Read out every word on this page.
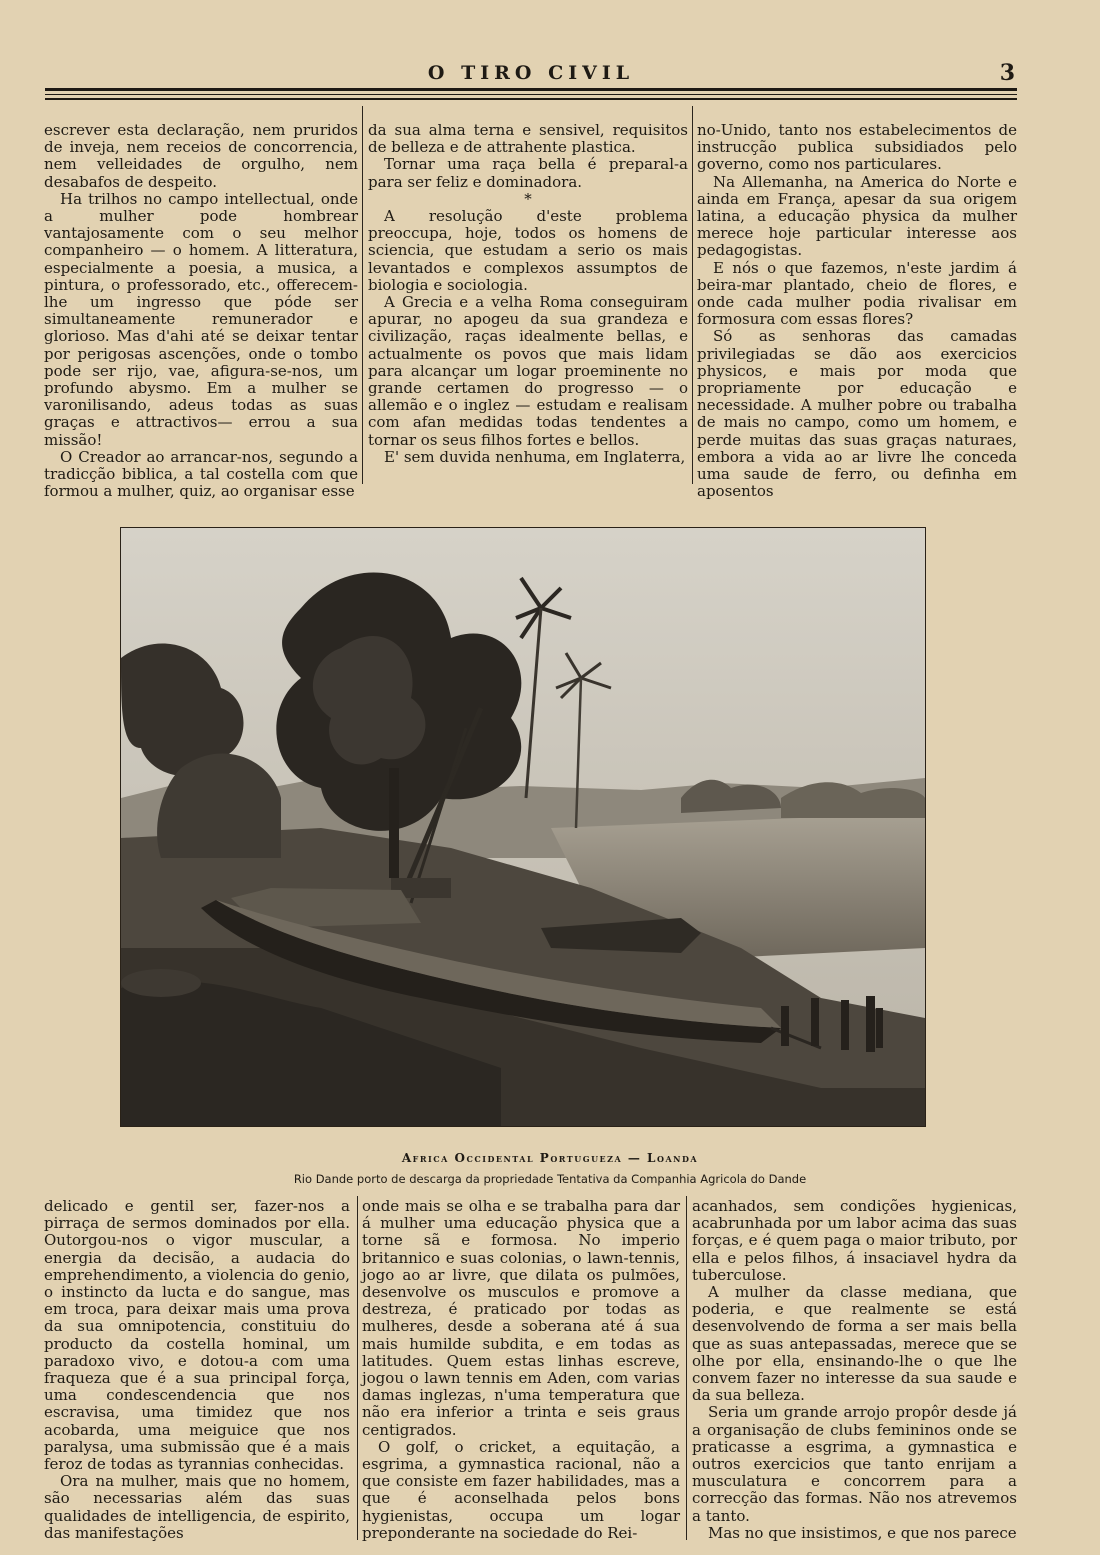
O TIRO CIVIL	3

escrever esta declaração, nem pruridos de inveja, nem receios de concorrencia, nem velleidades de orgulho, nem desabafos de despeito.

Ha trilhos no campo intellectual, onde a mulher pode hombrear vantajosamente com o seu melhor companheiro — o homem. A litteratura, especialmente a poesia, a musica, a pintura, o professorado, etc., offerecem-lhe um ingresso que póde ser simultaneamente remunerador e glorioso. Mas d'ahi até se deixar tentar por perigosas ascenções, onde o tombo pode ser rijo, vae, afigura-se-nos, um profundo abysmo. Em a mulher se varonilisando, adeus todas as suas graças e attractivos— errou a sua missão!

O Creador ao arrancar-nos, segundo a tradicção biblica, a tal costella com que formou a mulher, quiz, ao organisar esse

da sua alma terna e sensivel, requisitos de belleza e de attrahente plastica.

Tornar uma raça bella é preparal-a para ser feliz e dominadora.

*

A resolução d'este problema preoccupa, hoje, todos os homens de sciencia, que estudam a serio os mais levantados e complexos assumptos de biologia e sociologia.

A Grecia e a velha Roma conseguiram apurar, no apogeu da sua grandeza e civilização, raças idealmente bellas, e actualmente os povos que mais lidam para alcançar um logar proeminente no grande certamen do progresso — o allemão e o inglez — estudam e realisam com afan medidas todas tendentes a tornar os seus filhos fortes e bellos.

E' sem duvida nenhuma, em Inglaterra,

no-Unido, tanto nos estabelecimentos de instrucção publica subsidiados pelo governo, como nos particulares.

Na Allemanha, na America do Norte e ainda em França, apesar da sua origem latina, a educação physica da mulher merece hoje particular interesse aos pedagogistas.

E nós o que fazemos, n'este jardim á beira-mar plantado, cheio de flores, e onde cada mulher podia rivalisar em formosura com essas flores?

Só as senhoras das camadas privilegiadas se dão aos exercicios physicos, e mais por moda que propriamente por educação e necessidade. A mulher pobre ou trabalha de mais no campo, como um homem, e perde muitas das suas graças naturaes, embora a vida ao ar livre lhe conceda uma saude de ferro, ou definha em aposentos

Africa Occidental Portugueza — Loanda
Rio Dande porto de descarga da propriedade Tentativa da Companhia Agricola do Dande

delicado e gentil ser, fazer-nos a pirraça de sermos dominados por ella. Outorgou-nos o vigor muscular, a energia da decisão, a audacia do emprehendimento, a violencia do genio, o instincto da lucta e do sangue, mas em troca, para deixar mais uma prova da sua omnipotencia, constituiu do producto da costella hominal, um paradoxo vivo, e dotou-a com uma fraqueza que é a sua principal força, uma condescendencia que nos escravisa, uma timidez que nos acobarda, uma meiguice que nos paralysa, uma submissão que é a mais feroz de todas as tyrannias conhecidas.

Ora na mulher, mais que no homem, são necessarias além das suas qualidades de intelligencia, de espirito, das manifestações

onde mais se olha e se trabalha para dar á mulher uma educação physica que a torne sã e formosa. No imperio britannico e suas colonias, o lawn-tennis, jogo ao ar livre, que dilata os pulmões, desenvolve os musculos e promove a destreza, é praticado por todas as mulheres, desde a soberana até á sua mais humilde subdita, e em todas as latitudes. Quem estas linhas escreve, jogou o lawn tennis em Aden, com varias damas inglezas, n'uma temperatura que não era inferior a trinta e seis graus centigrados.

O golf, o cricket, a equitação, a esgrima, a gymnastica racional, não a que consiste em fazer habilidades, mas a que é aconselhada pelos bons hygienistas, occupa um logar preponderante na sociedade do Rei-

acanhados, sem condições hygienicas, acabrunhada por um labor acima das suas forças, e é quem paga o maior tributo, por ella e pelos filhos, á insaciavel hydra da tuberculose.

A mulher da classe mediana, que poderia, e que realmente se está desenvolvendo de forma a ser mais bella que as suas antepassadas, merece que se olhe por ella, ensinando-lhe o que lhe convem fazer no interesse da sua saude e da sua belleza.

Seria um grande arrojo propôr desde já a organisação de clubs femininos onde se praticasse a esgrima, a gymnastica e outros exercicios que tanto enrijam a musculatura e concorrem para a correcção das formas. Não nos atrevemos a tanto.

Mas no que insistimos, e que nos parece
